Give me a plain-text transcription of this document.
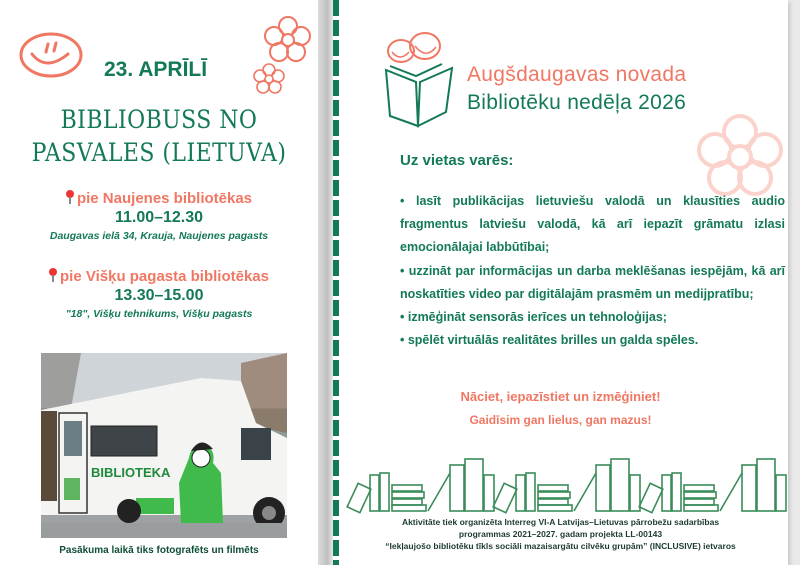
23. APRĪLĪ
BIBLIOBUSS NO
PASVALES (LIETUVA)
pie Naujenes bibliotēkas
11.00–12.30
Daugavas ielā 34, Krauja, Naujenes pagasts
pie Višķu pagasta bibliotēkas
13.30–15.00
"18", Višķu tehnikums, Višķu pagasts
BIBLIOTEKA
Pasākuma laikā tiks fotografēts un filmēts
Augšdaugavas novada
Bibliotēku nedēļa 2026
Uz vietas varēs:

• lasīt publikācijas lietuviešu valodā un klausīties audio fragmentus latviešu valodā, kā arī iepazīt grāmatu izlasi emocionālajai labbūtībai;

• uzzināt par informācijas un darba meklēšanas iespējām, kā arī noskatīties video par digitālajām prasmēm un medijpratību;

• izmēģināt sensorās ierīces un tehnoloģijas;

• spēlēt virtuālās realitātes brilles un galda spēles.

Nāciet, iepazīstiet un izmēģiniet!
Gaidīsim gan lielus, gan mazus!
Aktivitāte tiek organizēta Interreg VI-A Latvijas–Lietuvas pārrobežu sadarbības
programmas 2021–2027. gadam projekta LL-00143
“Iekļaujošo bibliotēku tīkls sociāli mazaisargātu cilvēku grupām” (INCLUSIVE) ietvaros
